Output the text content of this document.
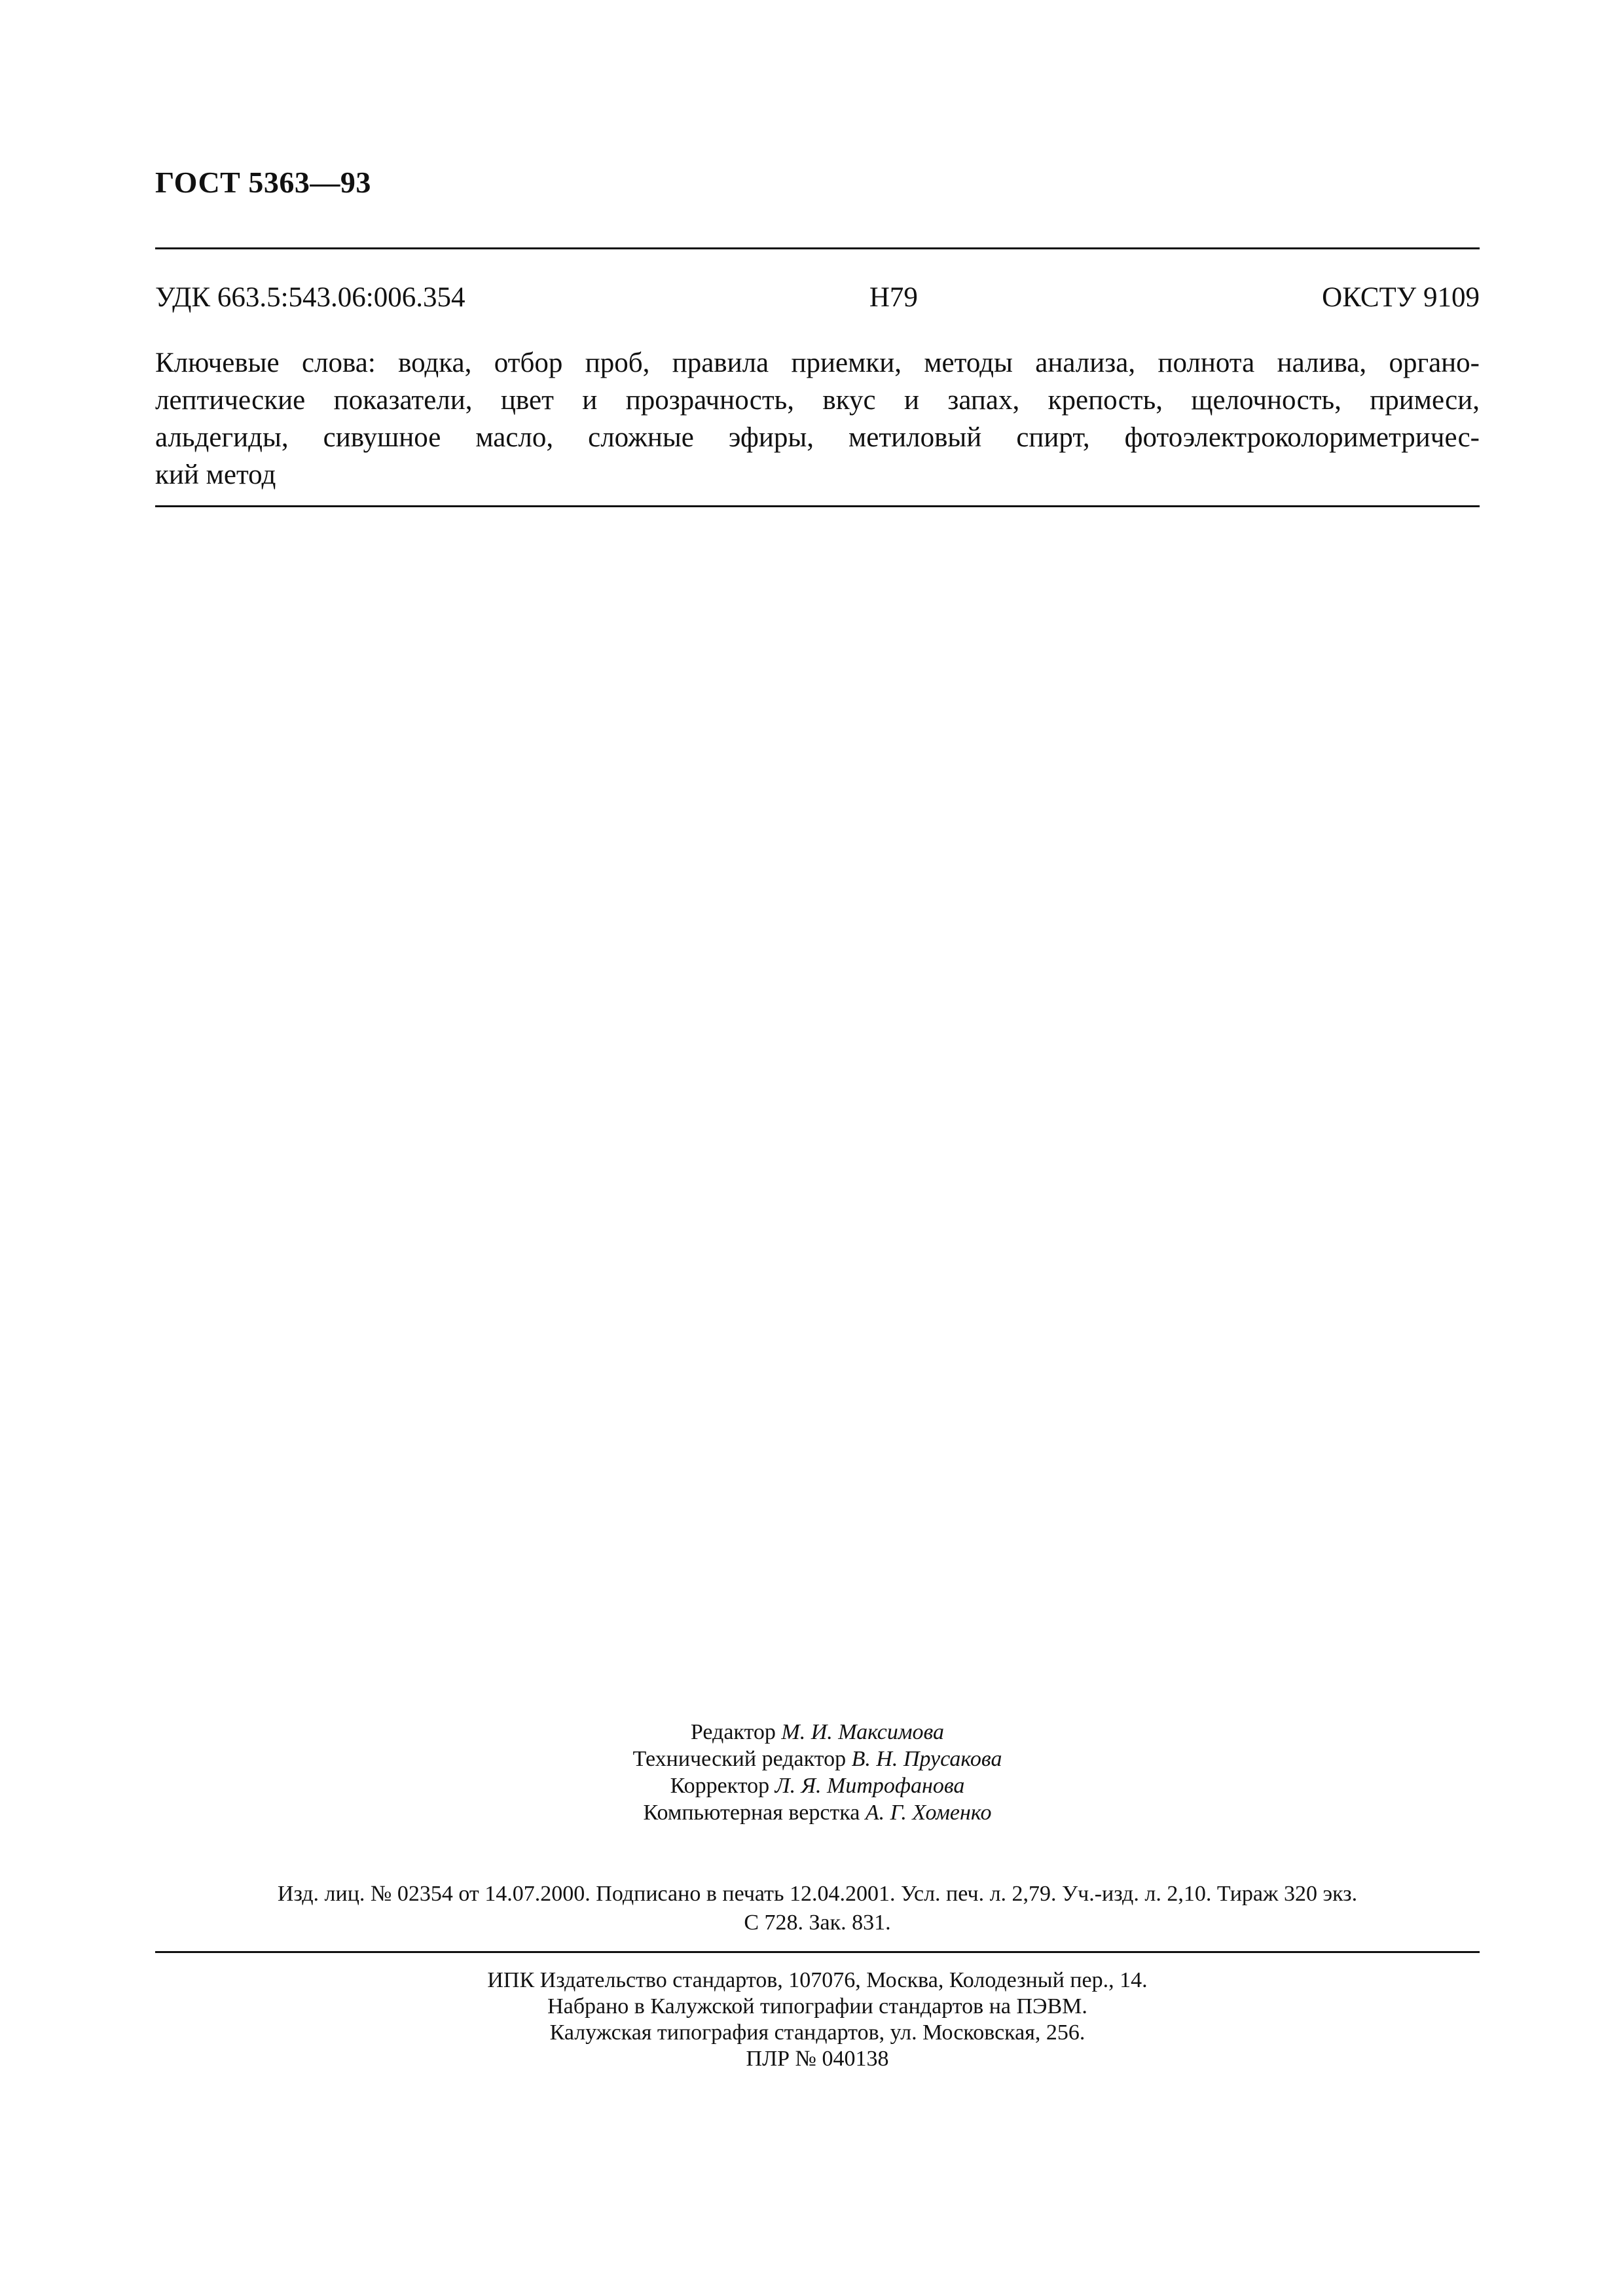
ГОСТ 5363—93
УДК 663.5:543.06:006.354	Н79	ОКСТУ 9109
Ключевые слова: водка, отбор проб, правила приемки, методы анализа, полнота налива, органо-
лептические показатели, цвет и прозрачность, вкус и запах, крепость, щелочность, примеси,
альдегиды, сивушное масло, сложные эфиры, метиловый спирт, фотоэлектроколориметричес-
кий метод
Редактор М. И. Максимова
Технический редактор В. Н. Прусакова
Корректор Л. Я. Митрофанова
Компьютерная верстка А. Г. Хоменко
Изд. лиц. № 02354 от 14.07.2000. Подписано в печать 12.04.2001. Усл. печ. л. 2,79. Уч.-изд. л. 2,10. Тираж 320 экз.
С 728. Зак. 831.
ИПК Издательство стандартов, 107076, Москва, Колодезный пер., 14.
Набрано в Калужской типографии стандартов на ПЭВМ.
Калужская типография стандартов, ул. Московская, 256.
ПЛР № 040138
